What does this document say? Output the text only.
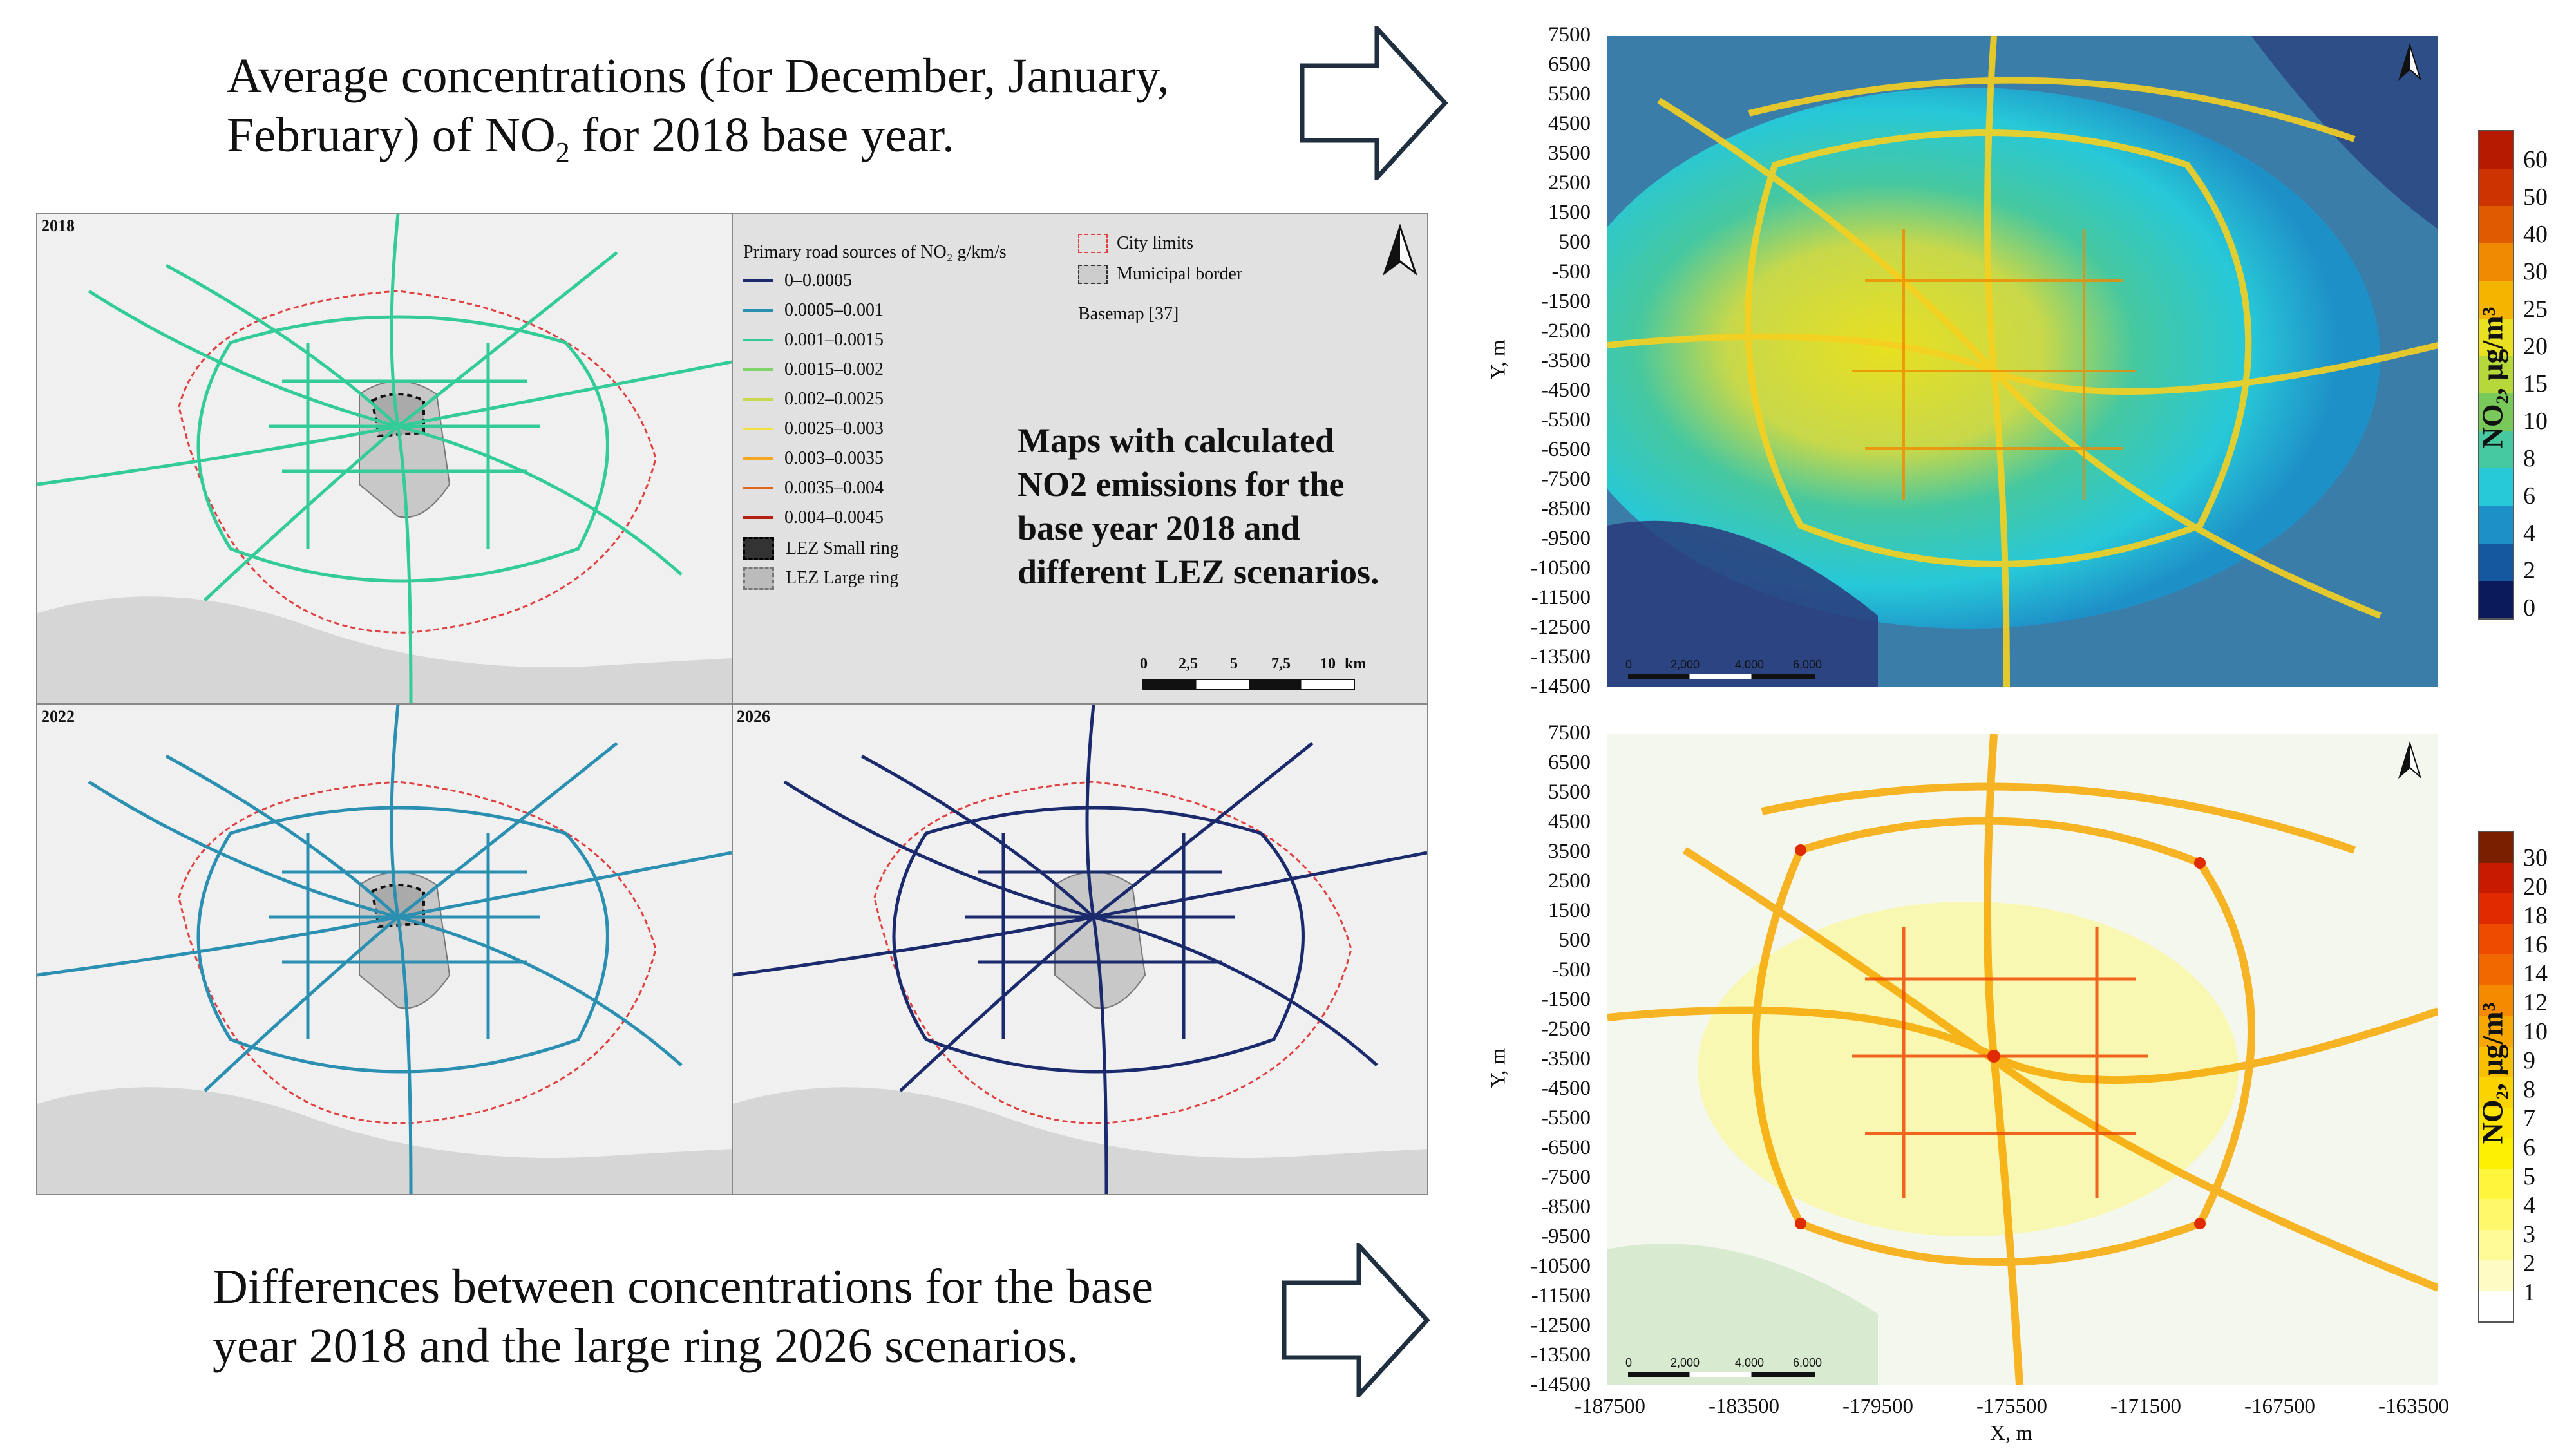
Average concentrations (for December, January,
February) of $NO_2$ for 2018 base year.
Differences between concentrations for the base
year 2018 and the large ring 2026 scenarios.
2018
Primary road sources of NO₂ g/km/s
0–0.0005
0.0005–0.001
0.001–0.0015
0.0015–0.002
0.002–0.0025
0.0025–0.003
0.003–0.0035
0.0035–0.004
0.004–0.0045
LEZ Small ring
LEZ Large ring
City limits
Municipal border
Basemap [37]
Maps with calculated
NO2 emissions for the
base year 2018 and
different LEZ scenarios.
0 2,5 5 7,5 10 km
2022	2026
7500
6500
5500
4500
3500
2500
1500
500
-500
-1500
-2500
-3500
-4500
-5500
-6500
-7500
-8500
-9500
-10500
-11500
-12500
-13500
-14500
Y, m
0	2,000	4,000 6,000
60
50
40
30
25
20
15
10
8
6
4
2
0
NO₂, μg/m³
7500
6500
5500
4500
3500
2500
1500
500
-500
-1500
-2500
-3500
-4500
-5500
-6500
-7500
-8500
-9500
-10500
-11500
-12500
-13500
-14500
Y, m
0	2,000	4,000 6,000
-187500	-183500	-179500	-175500	-171500	-167500	-163500
X, m
30
20
18
16
14
12
10
9
8
7
6
5
4
3
2
1
NO₂, μg/m³
